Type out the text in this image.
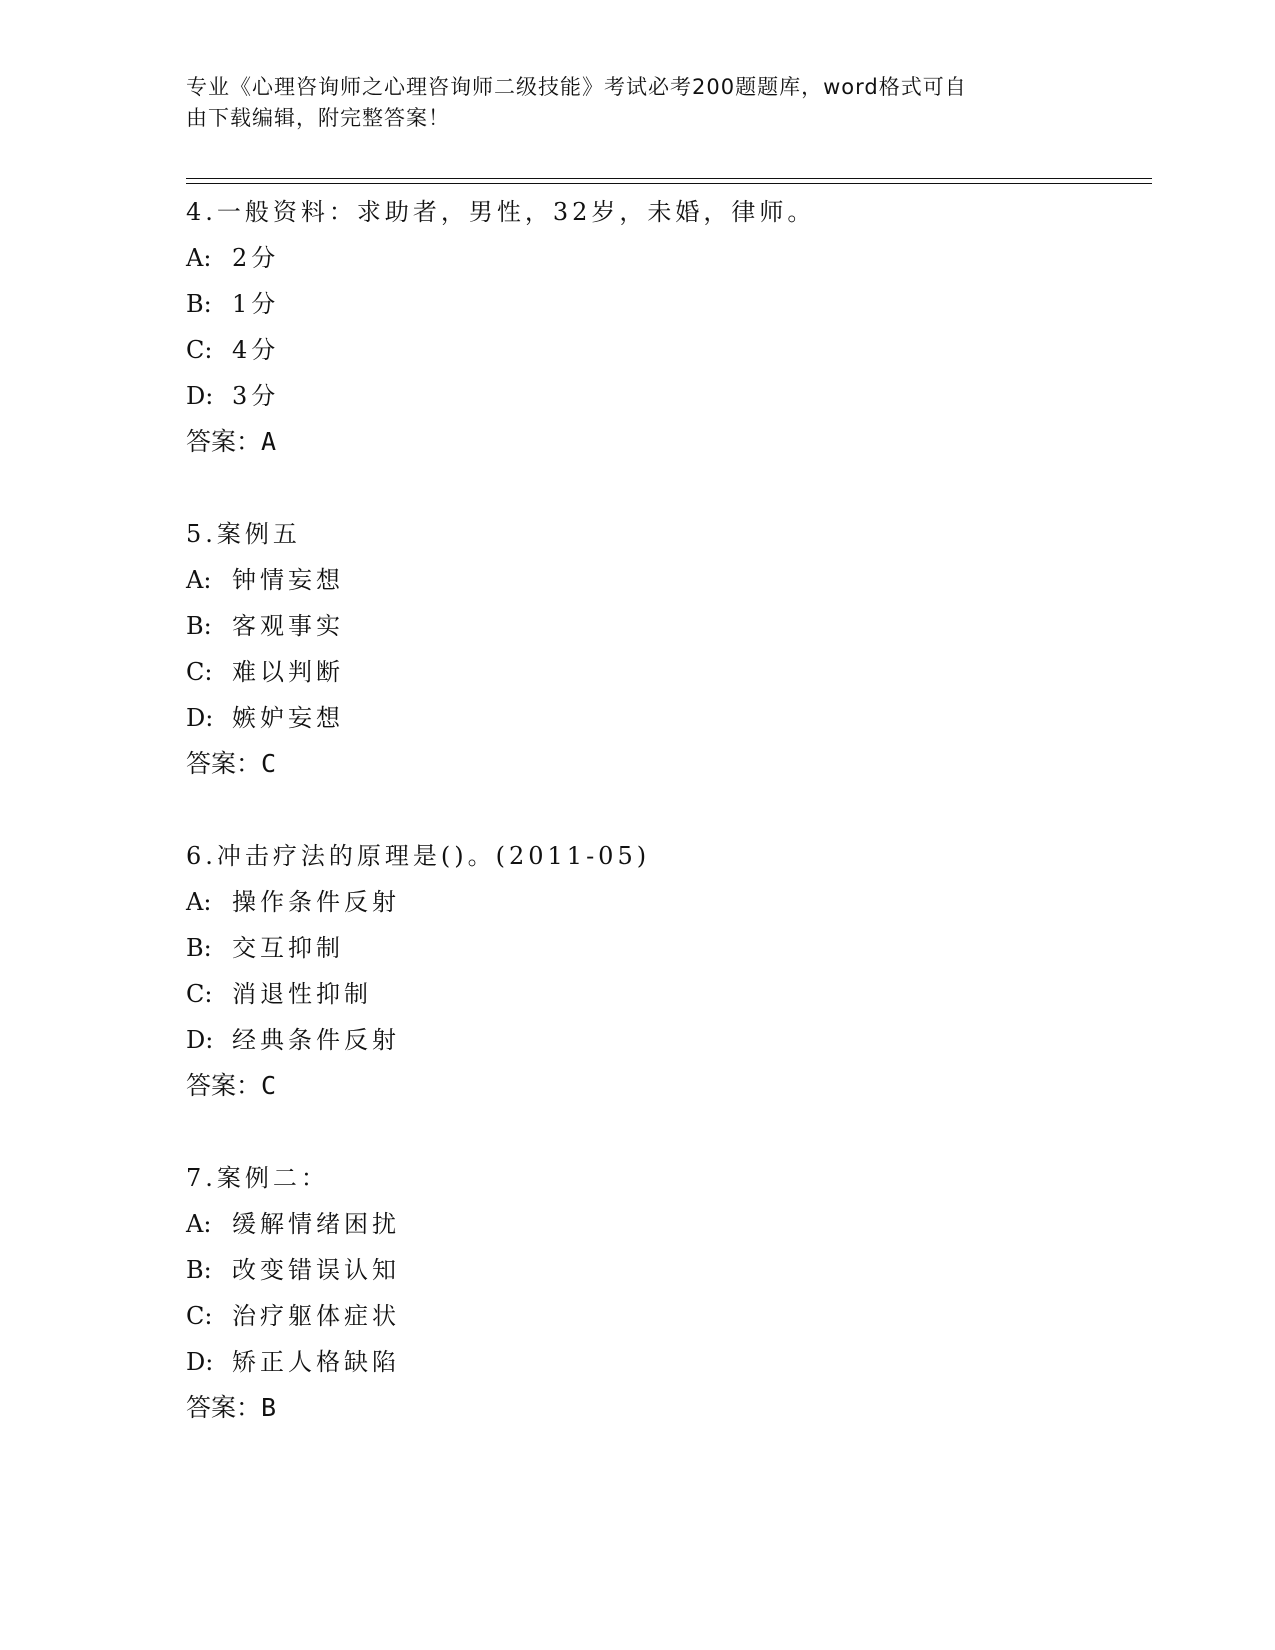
专业《心理咨询师之心理咨询师二级技能》考试必考200题题库，word格式可自
由下载编辑，附完整答案！
4.一般资料：求助者，男性，32岁，未婚，律师。
A: 2分
B: 1分
C: 4分
D: 3分
答案：A
5.案例五
A: 钟情妄想
B: 客观事实
C: 难以判断
D: 嫉妒妄想
答案：C
6.冲击疗法的原理是()。(2011-05)
A: 操作条件反射
B: 交互抑制
C: 消退性抑制
D: 经典条件反射
答案：C
7.案例二：
A: 缓解情绪困扰
B: 改变错误认知
C: 治疗躯体症状
D: 矫正人格缺陷
答案：B
